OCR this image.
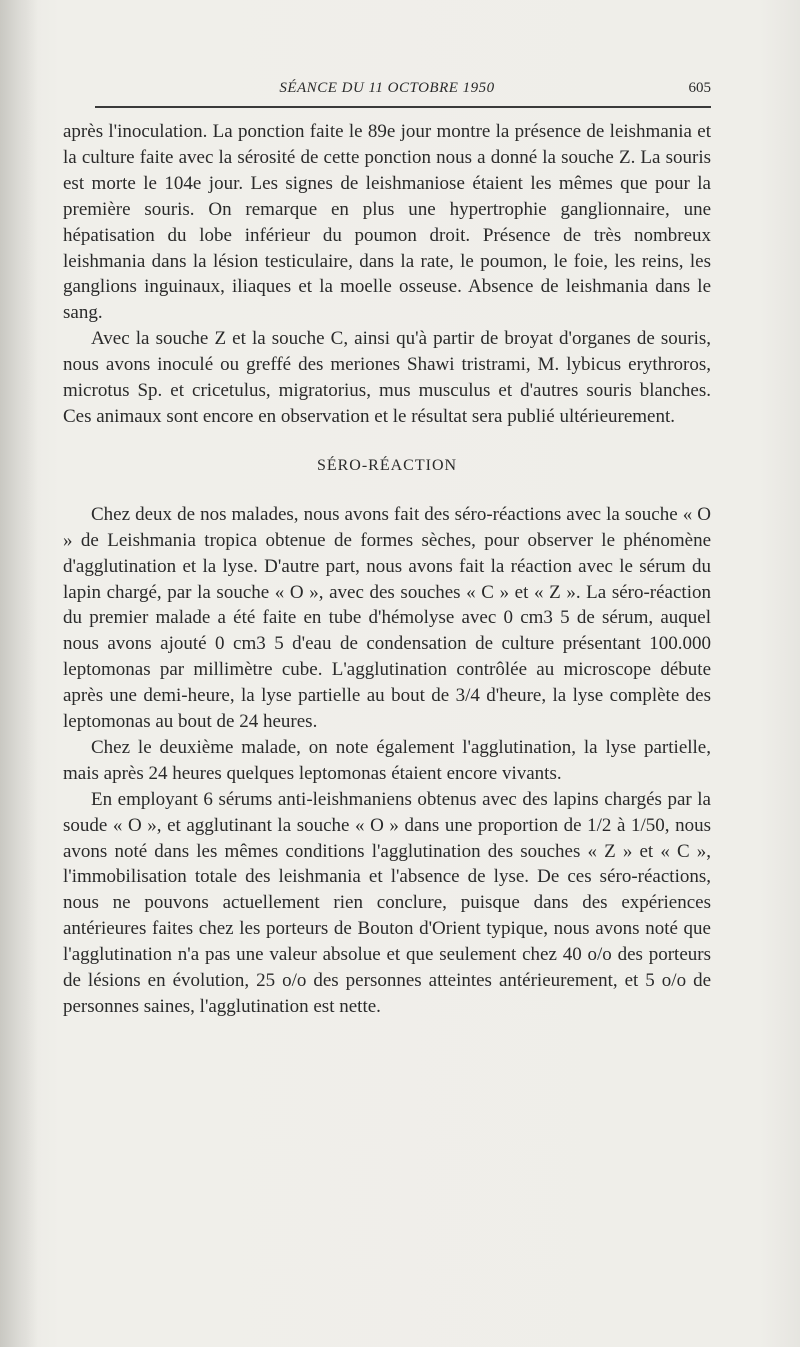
SÉANCE DU 11 OCTOBRE 1950	605

après l'inoculation. La ponction faite le 89e jour montre la présence de leishmania et la culture faite avec la sérosité de cette ponction nous a donné la souche Z. La souris est morte le 104e jour. Les signes de leishmaniose étaient les mêmes que pour la première souris. On remarque en plus une hypertrophie ganglionnaire, une hépatisation du lobe inférieur du poumon droit. Présence de très nombreux leishmania dans la lésion testiculaire, dans la rate, le poumon, le foie, les reins, les ganglions inguinaux, iliaques et la moelle osseuse. Absence de leishmania dans le sang.

Avec la souche Z et la souche C, ainsi qu'à partir de broyat d'organes de souris, nous avons inoculé ou greffé des meriones Shawi tristrami, M. lybicus erythroros, microtus Sp. et cricetulus, migratorius, mus musculus et d'autres souris blanches. Ces animaux sont encore en observation et le résultat sera publié ultérieurement.

SÉRO-RÉACTION

Chez deux de nos malades, nous avons fait des séro-réactions avec la souche « O » de Leishmania tropica obtenue de formes sèches, pour observer le phénomène d'agglutination et la lyse. D'autre part, nous avons fait la réaction avec le sérum du lapin chargé, par la souche « O », avec des souches « C » et « Z ». La séro-réaction du premier malade a été faite en tube d'hémolyse avec 0 cm3 5 de sérum, auquel nous avons ajouté 0 cm3 5 d'eau de condensation de culture présentant 100.000 leptomonas par millimètre cube. L'agglutination contrôlée au microscope débute après une demi-heure, la lyse partielle au bout de 3/4 d'heure, la lyse complète des leptomonas au bout de 24 heures.

Chez le deuxième malade, on note également l'agglutination, la lyse partielle, mais après 24 heures quelques leptomonas étaient encore vivants.

En employant 6 sérums anti-leishmaniens obtenus avec des lapins chargés par la soude « O », et agglutinant la souche « O » dans une proportion de 1/2 à 1/50, nous avons noté dans les mêmes conditions l'agglutination des souches « Z » et « C », l'immobilisation totale des leishmania et l'absence de lyse. De ces séro-réactions, nous ne pouvons actuellement rien conclure, puisque dans des expériences antérieures faites chez les porteurs de Bouton d'Orient typique, nous avons noté que l'agglutination n'a pas une valeur absolue et que seulement chez 40 o/o des porteurs de lésions en évolution, 25 o/o des personnes atteintes antérieurement, et 5 o/o de personnes saines, l'agglutination est nette.
